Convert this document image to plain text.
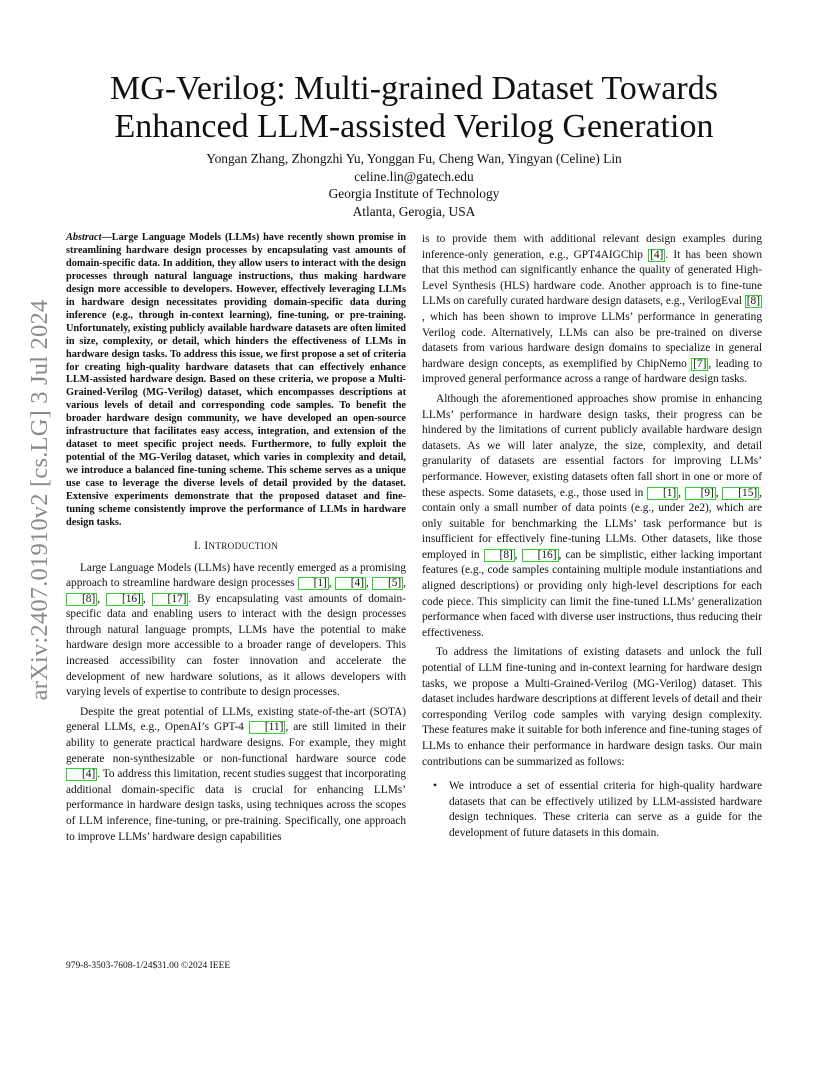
arXiv:2407.01910v2 [cs.LG] 3 Jul 2024
MG-Verilog: Multi-grained Dataset Towards
Enhanced LLM-assisted Verilog Generation
Yongan Zhang, Zhongzhi Yu, Yonggan Fu, Cheng Wan, Yingyan (Celine) Lin
celine.lin@gatech.edu
Georgia Institute of Technology
Atlanta, Gerogia, USA

Abstract—Large Language Models (LLMs) have recently shown promise in streamlining hardware design processes by encapsulating vast amounts of domain-specific data. In addition, they allow users to interact with the design processes through natural language instructions, thus making hardware design more accessible to developers. However, effectively leveraging LLMs in hardware design necessitates providing domain-specific data during inference (e.g., through in-context learning), fine-tuning, or pre-training. Unfortunately, existing publicly available hardware datasets are often limited in size, complexity, or detail, which hinders the effectiveness of LLMs in hardware design tasks. To address this issue, we first propose a set of criteria for creating high-quality hardware datasets that can effectively enhance LLM-assisted hardware design. Based on these criteria, we propose a Multi-Grained-Verilog (MG-Verilog) dataset, which encompasses descriptions at various levels of detail and corresponding code samples. To benefit the broader hardware design community, we have developed an open-source infrastructure that facilitates easy access, integration, and extension of the dataset to meet specific project needs. Furthermore, to fully exploit the potential of the MG-Verilog dataset, which varies in complexity and detail, we introduce a balanced fine-tuning scheme. This scheme serves as a unique use case to leverage the diverse levels of detail provided by the dataset. Extensive experiments demonstrate that the proposed dataset and fine-tuning scheme consistently improve the performance of LLMs in hardware design tasks.

I. INTRODUCTION

Large Language Models (LLMs) have recently emerged as a promising approach to streamline hardware design processes [1] , [4] , [5] , [8] , [16] , [17] . By encapsulating vast amounts of domain-specific data and enabling users to interact with the design processes through natural language prompts, LLMs have the potential to make hardware design more accessible to a broader range of developers. This increased accessibility can foster innovation and accelerate the development of new hardware solutions, as it allows developers with varying levels of expertise to contribute to design processes.

Despite the great potential of LLMs, existing state-of-the-art (SOTA) general LLMs, e.g., OpenAI’s GPT-4 [11] , are still limited in their ability to generate practical hardware designs. For example, they might generate non-synthesizable or non-functional hardware source code [4] . To address this limitation, recent studies suggest that incorporating additional domain-specific data is crucial for enhancing LLMs’ performance in hardware design tasks, using techniques across the scopes of LLM inference, fine-tuning, or pre-training. Specifically, one approach to improve LLMs’ hardware design capabilities

is to provide them with additional relevant design examples during inference-only generation, e.g., GPT4AIGChip [4] . It has been shown that this method can significantly enhance the quality of generated High-Level Synthesis (HLS) hardware code. Another approach is to fine-tune LLMs on carefully curated hardware design datasets, e.g., VerilogEval [8], which has been shown to improve LLMs’ performance in generating Verilog code. Alternatively, LLMs can also be pre-trained on diverse datasets from various hardware design domains to specialize in general hardware design concepts, as exemplified by ChipNemo [7] , leading to improved general performance across a range of hardware design tasks.

Although the aforementioned approaches show promise in enhancing LLMs’ performance in hardware design tasks, their progress can be hindered by the limitations of current publicly available hardware design datasets. As we will later analyze, the size, complexity, and detail granularity of datasets are essential factors for improving LLMs’ performance. However, existing datasets often fall short in one or more of these aspects. Some datasets, e.g., those used in [1] , [9] , [15] , contain only a small number of data points (e.g., under 2e2), which are only suitable for benchmarking the LLMs’ task performance but is insufficient for effectively fine-tuning LLMs. Other datasets, like those employed in [8] , [16] , can be simplistic, either lacking important features (e.g., code samples containing multiple module instantiations and aligned descriptions) or providing only high-level descriptions for each code piece. This simplicity can limit the fine-tuned LLMs’ generalization performance when faced with diverse user instructions, thus reducing their effectiveness.

To address the limitations of existing datasets and unlock the full potential of LLM fine-tuning and in-context learning for hardware design tasks, we propose a Multi-Grained-Verilog (MG-Verilog) dataset. This dataset includes hardware descriptions at different levels of detail and their corresponding Verilog code samples with varying design complexity. These features make it suitable for both inference and fine-tuning stages of LLMs to enhance their performance in hardware design tasks. Our main contributions can be summarized as follows:

• We introduce a set of essential criteria for high-quality hardware datasets that can be effectively utilized by LLM-assisted hardware design techniques. These criteria can serve as a guide for the development of future datasets in this domain.

979-8-3503-7608-1/24$31.00 ©2024 IEEE
